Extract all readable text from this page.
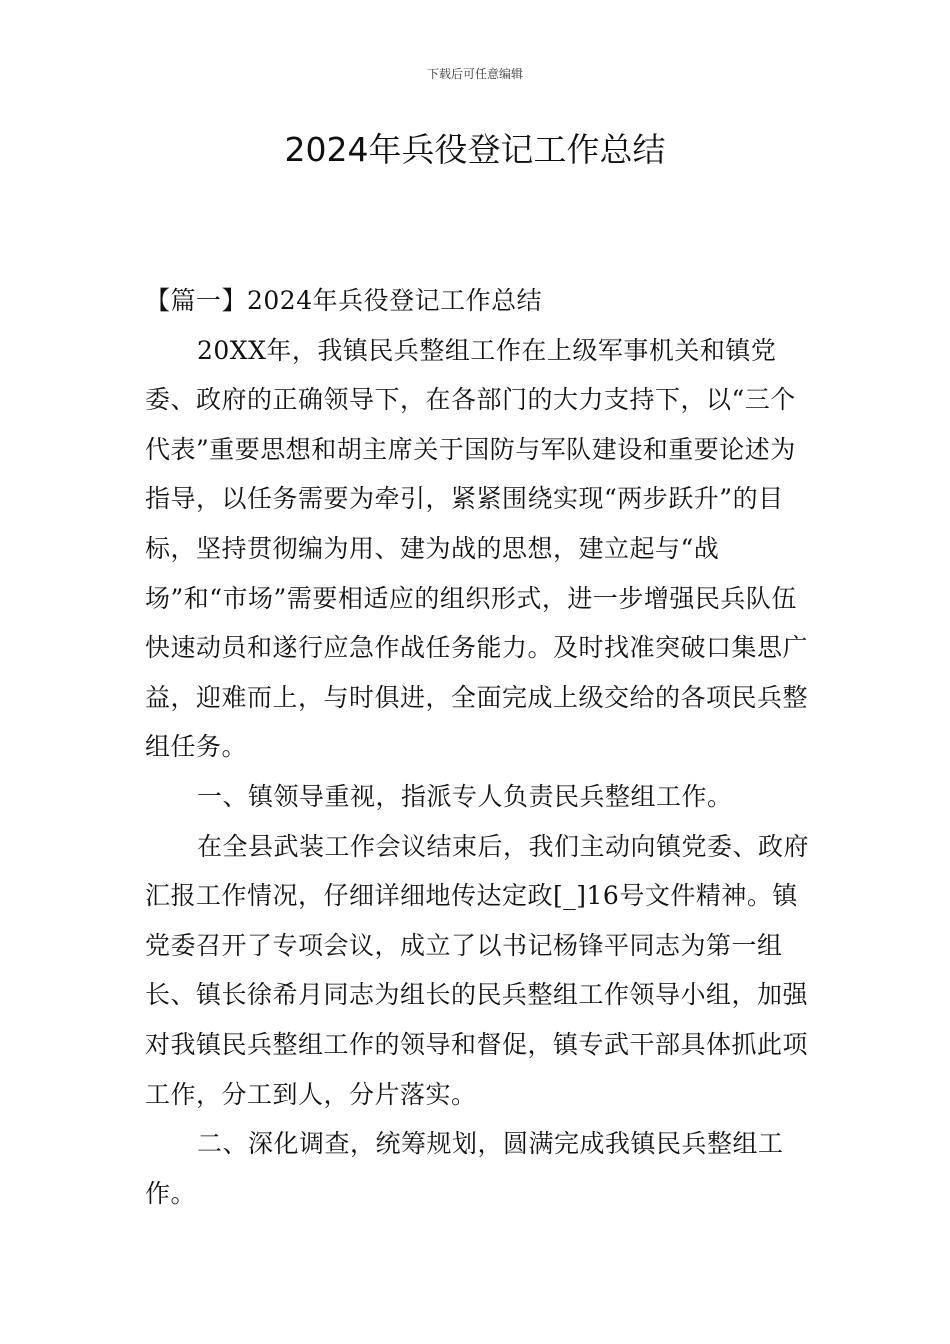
下载后可任意编辑
2024年兵役登记工作总结

【篇一】2024年兵役登记工作总结

20XX年，我镇民兵整组工作在上级军事机关和镇党委、政府的正确领导下，在各部门的大力支持下，以“三个代表”重要思想和胡主席关于国防与军队建设和重要论述为指导，以任务需要为牵引，紧紧围绕实现“两步跃升”的目标，坚持贯彻编为用、建为战的思想，建立起与“战场”和“市场”需要相适应的组织形式，进一步增强民兵队伍快速动员和遂行应急作战任务能力。及时找准突破口集思广益，迎难而上，与时俱进，全面完成上级交给的各项民兵整组任务。

一、镇领导重视，指派专人负责民兵整组工作。

在全县武装工作会议结束后，我们主动向镇党委、政府汇报工作情况，仔细详细地传达定政[_]16号文件精神。镇党委召开了专项会议，成立了以书记杨锋平同志为第一组长、镇长徐希月同志为组长的民兵整组工作领导小组，加强对我镇民兵整组工作的领导和督促，镇专武干部具体抓此项工作，分工到人，分片落实。

二、深化调查，统筹规划，圆满完成我镇民兵整组工作。
